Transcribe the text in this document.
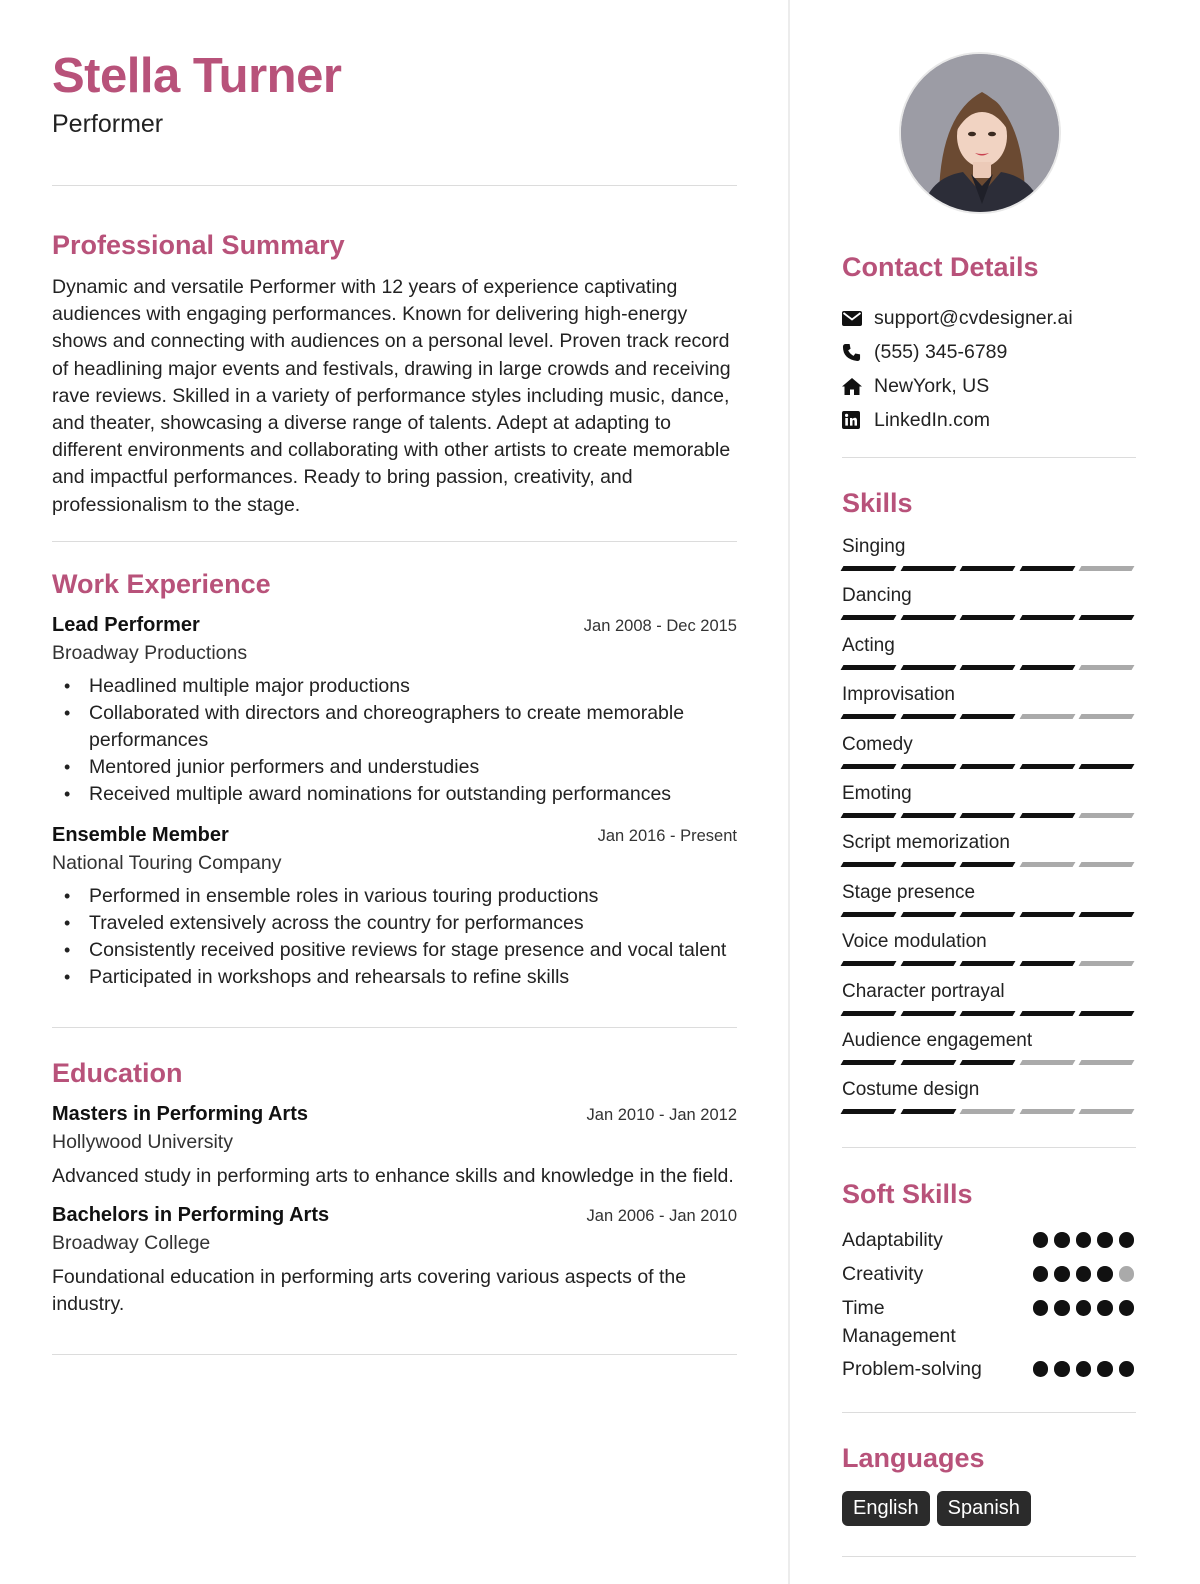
Stella Turner
Performer
Professional Summary

Dynamic and versatile Performer with 12 years of experience captivating audiences with engaging performances. Known for delivering high-energy shows and connecting with audiences on a personal level. Proven track record of headlining major events and festivals, drawing in large crowds and receiving rave reviews. Skilled in a variety of performance styles including music, dance, and theater, showcasing a diverse range of talents. Adept at adapting to different environments and collaborating with other artists to create memorable and impactful performances. Ready to bring passion, creativity, and professionalism to the stage.

Work Experience
Lead Performer	Jan 2008 - Dec 2015
Broadway Productions
• Headlined multiple major productions
• Collaborated with directors and choreographers to create memorable performances
• Mentored junior performers and understudies
• Received multiple award nominations for outstanding performances
Ensemble Member	Jan 2016 - Present
National Touring Company
• Performed in ensemble roles in various touring productions
• Traveled extensively across the country for performances
• Consistently received positive reviews for stage presence and vocal talent
• Participated in workshops and rehearsals to refine skills
Education
Masters in Performing Arts	Jan 2010 - Jan 2012
Hollywood University

Advanced study in performing arts to enhance skills and knowledge in the field.

Bachelors in Performing Arts	Jan 2006 - Jan 2010
Broadway College

Foundational education in performing arts covering various aspects of the industry.

Contact Details
support@cvdesigner.ai
(555) 345-6789
NewYork, US
LinkedIn.com
Skills
Singing
Dancing
Acting
Improvisation
Comedy
Emoting
Script memorization
Stage presence
Voice modulation
Character portrayal
Audience engagement
Costume design
Soft Skills
Adaptability
Creativity
Time Management
Problem-solving
Languages
English	Spanish
